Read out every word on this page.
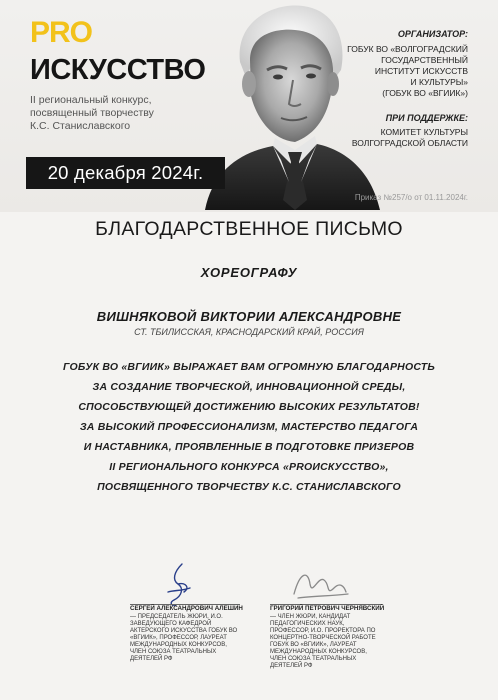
PRO
ИСКУССТВО
II региональный конкурс,
посвященный творчеству
К.С. Станиславского
20 декабря 2024г.
ОРГАНИЗАТОР:
ГОБУК ВО «ВОЛГОГРАДСКИЙ
ГОСУДАРСТВЕННЫЙ
ИНСТИТУТ ИСКУССТВ
И КУЛЬТУРЫ»
(ГОБУК ВО «ВГИИК»)
ПРИ ПОДДЕРЖКЕ:
КОМИТЕТ КУЛЬТУРЫ
ВОЛГОГРАДСКОЙ ОБЛАСТИ
Приказ №257/о от 01.11.2024г.
БЛАГОДАРСТВЕННОЕ ПИСЬМО
ХОРЕОГРАФУ
ВИШНЯКОВОЙ ВИКТОРИИ АЛЕКСАНДРОВНЕ
СТ. ТБИЛИССКАЯ, КРАСНОДАРСКИЙ КРАЙ, РОССИЯ
ГОБУК ВО «ВГИИК» ВЫРАЖАЕТ ВАМ ОГРОМНУЮ БЛАГОДАРНОСТЬ
ЗА СОЗДАНИЕ ТВОРЧЕСКОЙ, ИННОВАЦИОННОЙ СРЕДЫ,
СПОСОБСТВУЮЩЕЙ ДОСТИЖЕНИЮ ВЫСОКИХ РЕЗУЛЬТАТОВ!
ЗА ВЫСОКИЙ ПРОФЕССИОНАЛИЗМ, МАСТЕРСТВО ПЕДАГОГА
И НАСТАВНИКА, ПРОЯВЛЕННЫЕ В ПОДГОТОВКЕ ПРИЗЕРОВ
II РЕГИОНАЛЬНОГО КОНКУРСА «PROИСКУССТВО»,
ПОСВЯЩЕННОГО ТВОРЧЕСТВУ К.С. СТАНИСЛАВСКОГО
СЕРГЕЙ АЛЕКСАНДРОВИЧ АЛЕШИН
— ПРЕДСЕДАТЕЛЬ ЖЮРИ, И.О.
ЗАВЕДУЮЩЕГО КАФЕДРОЙ
АКТЕРСКОГО ИСКУССТВА ГОБУК ВО
«ВГИИК», ПРОФЕССОР, ЛАУРЕАТ
МЕЖДУНАРОДНЫХ КОНКУРСОВ,
ЧЛЕН СОЮЗА ТЕАТРАЛЬНЫХ
ДЕЯТЕЛЕЙ РФ
ГРИГОРИЙ ПЕТРОВИЧ ЧЕРНЯВСКИЙ
— ЧЛЕН ЖЮРИ, КАНДИДАТ
ПЕДАГОГИЧЕСКИХ НАУК,
ПРОФЕССОР, И.О. ПРОРЕКТОРА ПО
КОНЦЕРТНО-ТВОРЧЕСКОЙ РАБОТЕ
ГОБУК ВО «ВГИИК», ЛАУРЕАТ
МЕЖДУНАРОДНЫХ КОНКУРСОВ,
ЧЛЕН СОЮЗА ТЕАТРАЛЬНЫХ
ДЕЯТЕЛЕЙ РФ
